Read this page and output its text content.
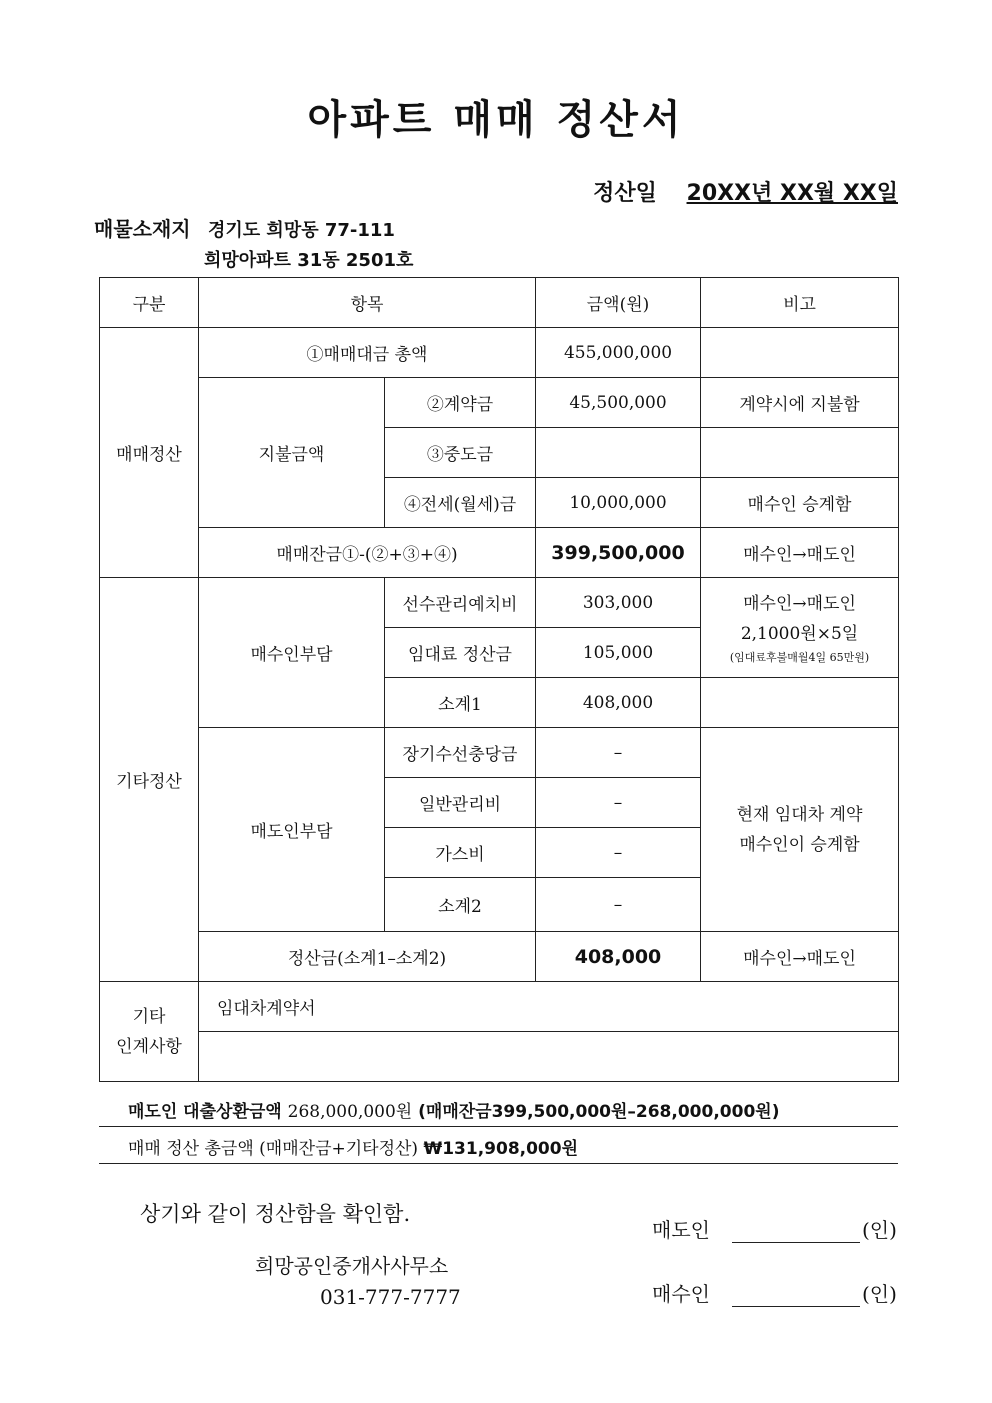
아파트 매매 정산서
정산일 20XX년 XX월 XX일
매물소재지 경기도 희망동 77-111
희망아파트 31동 2501호
구분	항목		금액(원)	비고
매매정산	①매매대금 총액		455,000,000	
	지불금액	②계약금	45,500,000	계약시에 지불함
		③중도금		
		④전세(월세)금	10,000,000	매수인 승계함
	매매잔금①-(②+③+④)		399,500,000	매수인→매도인
기타정산	매수인부담	선수관리예치비	303,000	매수인→매도인
2,1000원×5일
(임대료후불매월4일 65만원)

		임대료 정산금	105,000	
		소계1	408,000	
	매도인부담	장기수선충당금	–	현재 임대차 계약
매수인이 승계함
		일반관리비	–	
		가스비	–	
		소계2	–	
	정산금(소계1–소계2)		408,000	매수인→매도인
기타
인계사항	임대차계약서			

매도인 대출상환금액 268,000,000원 (매매잔금399,500,000원–268,000,000원)
매매 정산 총금액 (매매잔금+기타정산) ₩131,908,000원
상기와 같이 정산함을 확인함.
희망공인중개사사무소
031-777-7777
매도인	(인)
매수인	(인)
